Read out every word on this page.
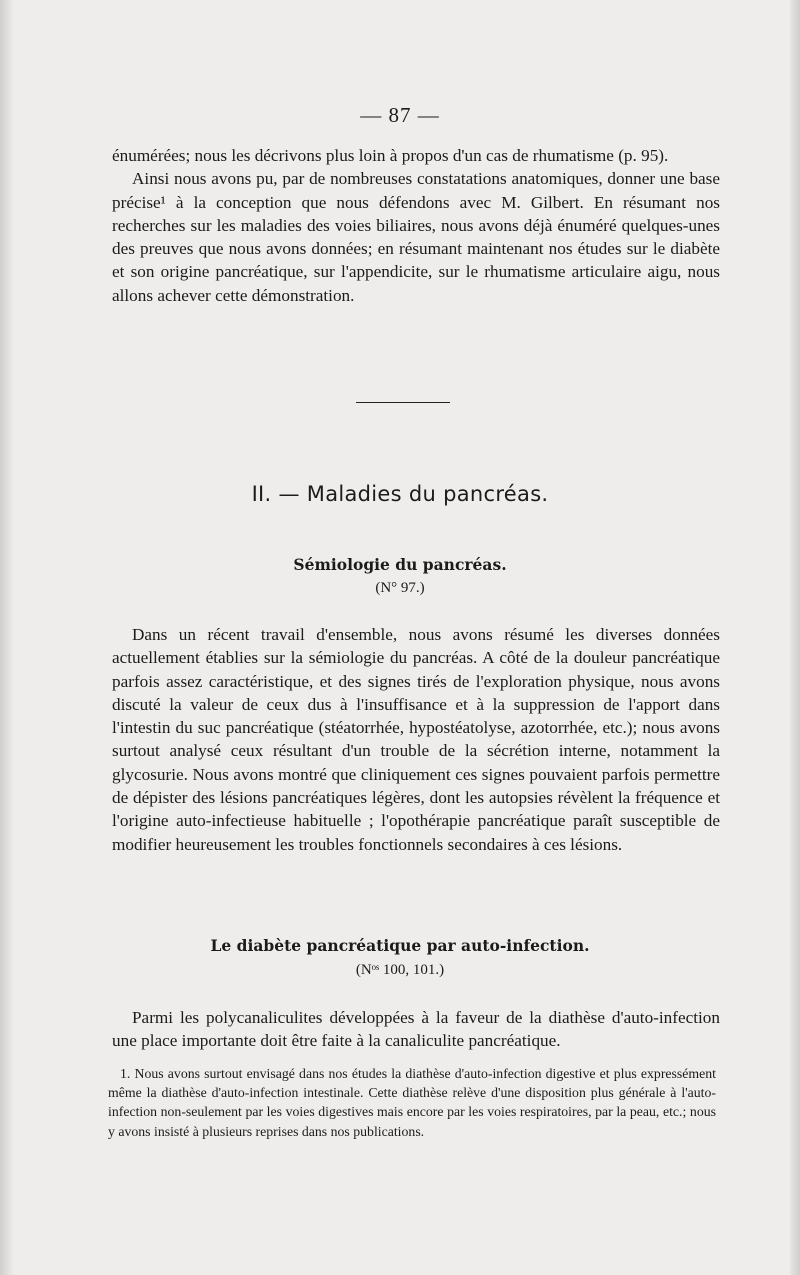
— 87 —

énumérées; nous les décrivons plus loin à propos d'un cas de rhumatisme (p. 95).

Ainsi nous avons pu, par de nombreuses constatations anatomiques, donner une base précise¹ à la conception que nous défendons avec M. Gilbert. En résumant nos recherches sur les maladies des voies biliaires, nous avons déjà énuméré quelques-unes des preuves que nous avons données; en résumant maintenant nos études sur le diabète et son origine pancréatique, sur l'appendicite, sur le rhumatisme articulaire aigu, nous allons achever cette démonstration.

II. — Maladies du pancréas.
Sémiologie du pancréas.
(N° 97.)

Dans un récent travail d'ensemble, nous avons résumé les diverses données actuellement établies sur la sémiologie du pancréas. A côté de la douleur pancréatique parfois assez caractéristique, et des signes tirés de l'exploration physique, nous avons discuté la valeur de ceux dus à l'insuffisance et à la suppression de l'apport dans l'intestin du suc pancréatique (stéatorrhée, hypostéatolyse, azotorrhée, etc.); nous avons surtout analysé ceux résultant d'un trouble de la sécrétion interne, notamment la glycosurie. Nous avons montré que cliniquement ces signes pouvaient parfois permettre de dépister des lésions pancréatiques légères, dont les autopsies révèlent la fréquence et l'origine auto-infectieuse habituelle ; l'opothérapie pancréatique paraît susceptible de modifier heureusement les troubles fonctionnels secondaires à ces lésions.

Le diabète pancréatique par auto-infection.
(Nᵒˢ 100, 101.)

Parmi les polycanaliculites développées à la faveur de la diathèse d'auto-infection une place importante doit être faite à la canaliculite pancréatique.

1. Nous avons surtout envisagé dans nos études la diathèse d'auto-infection digestive et plus expressément même la diathèse d'auto-infection intestinale. Cette diathèse relève d'une disposition plus générale à l'auto-infection non-seulement par les voies digestives mais encore par les voies respiratoires, par la peau, etc.; nous y avons insisté à plusieurs reprises dans nos publications.
